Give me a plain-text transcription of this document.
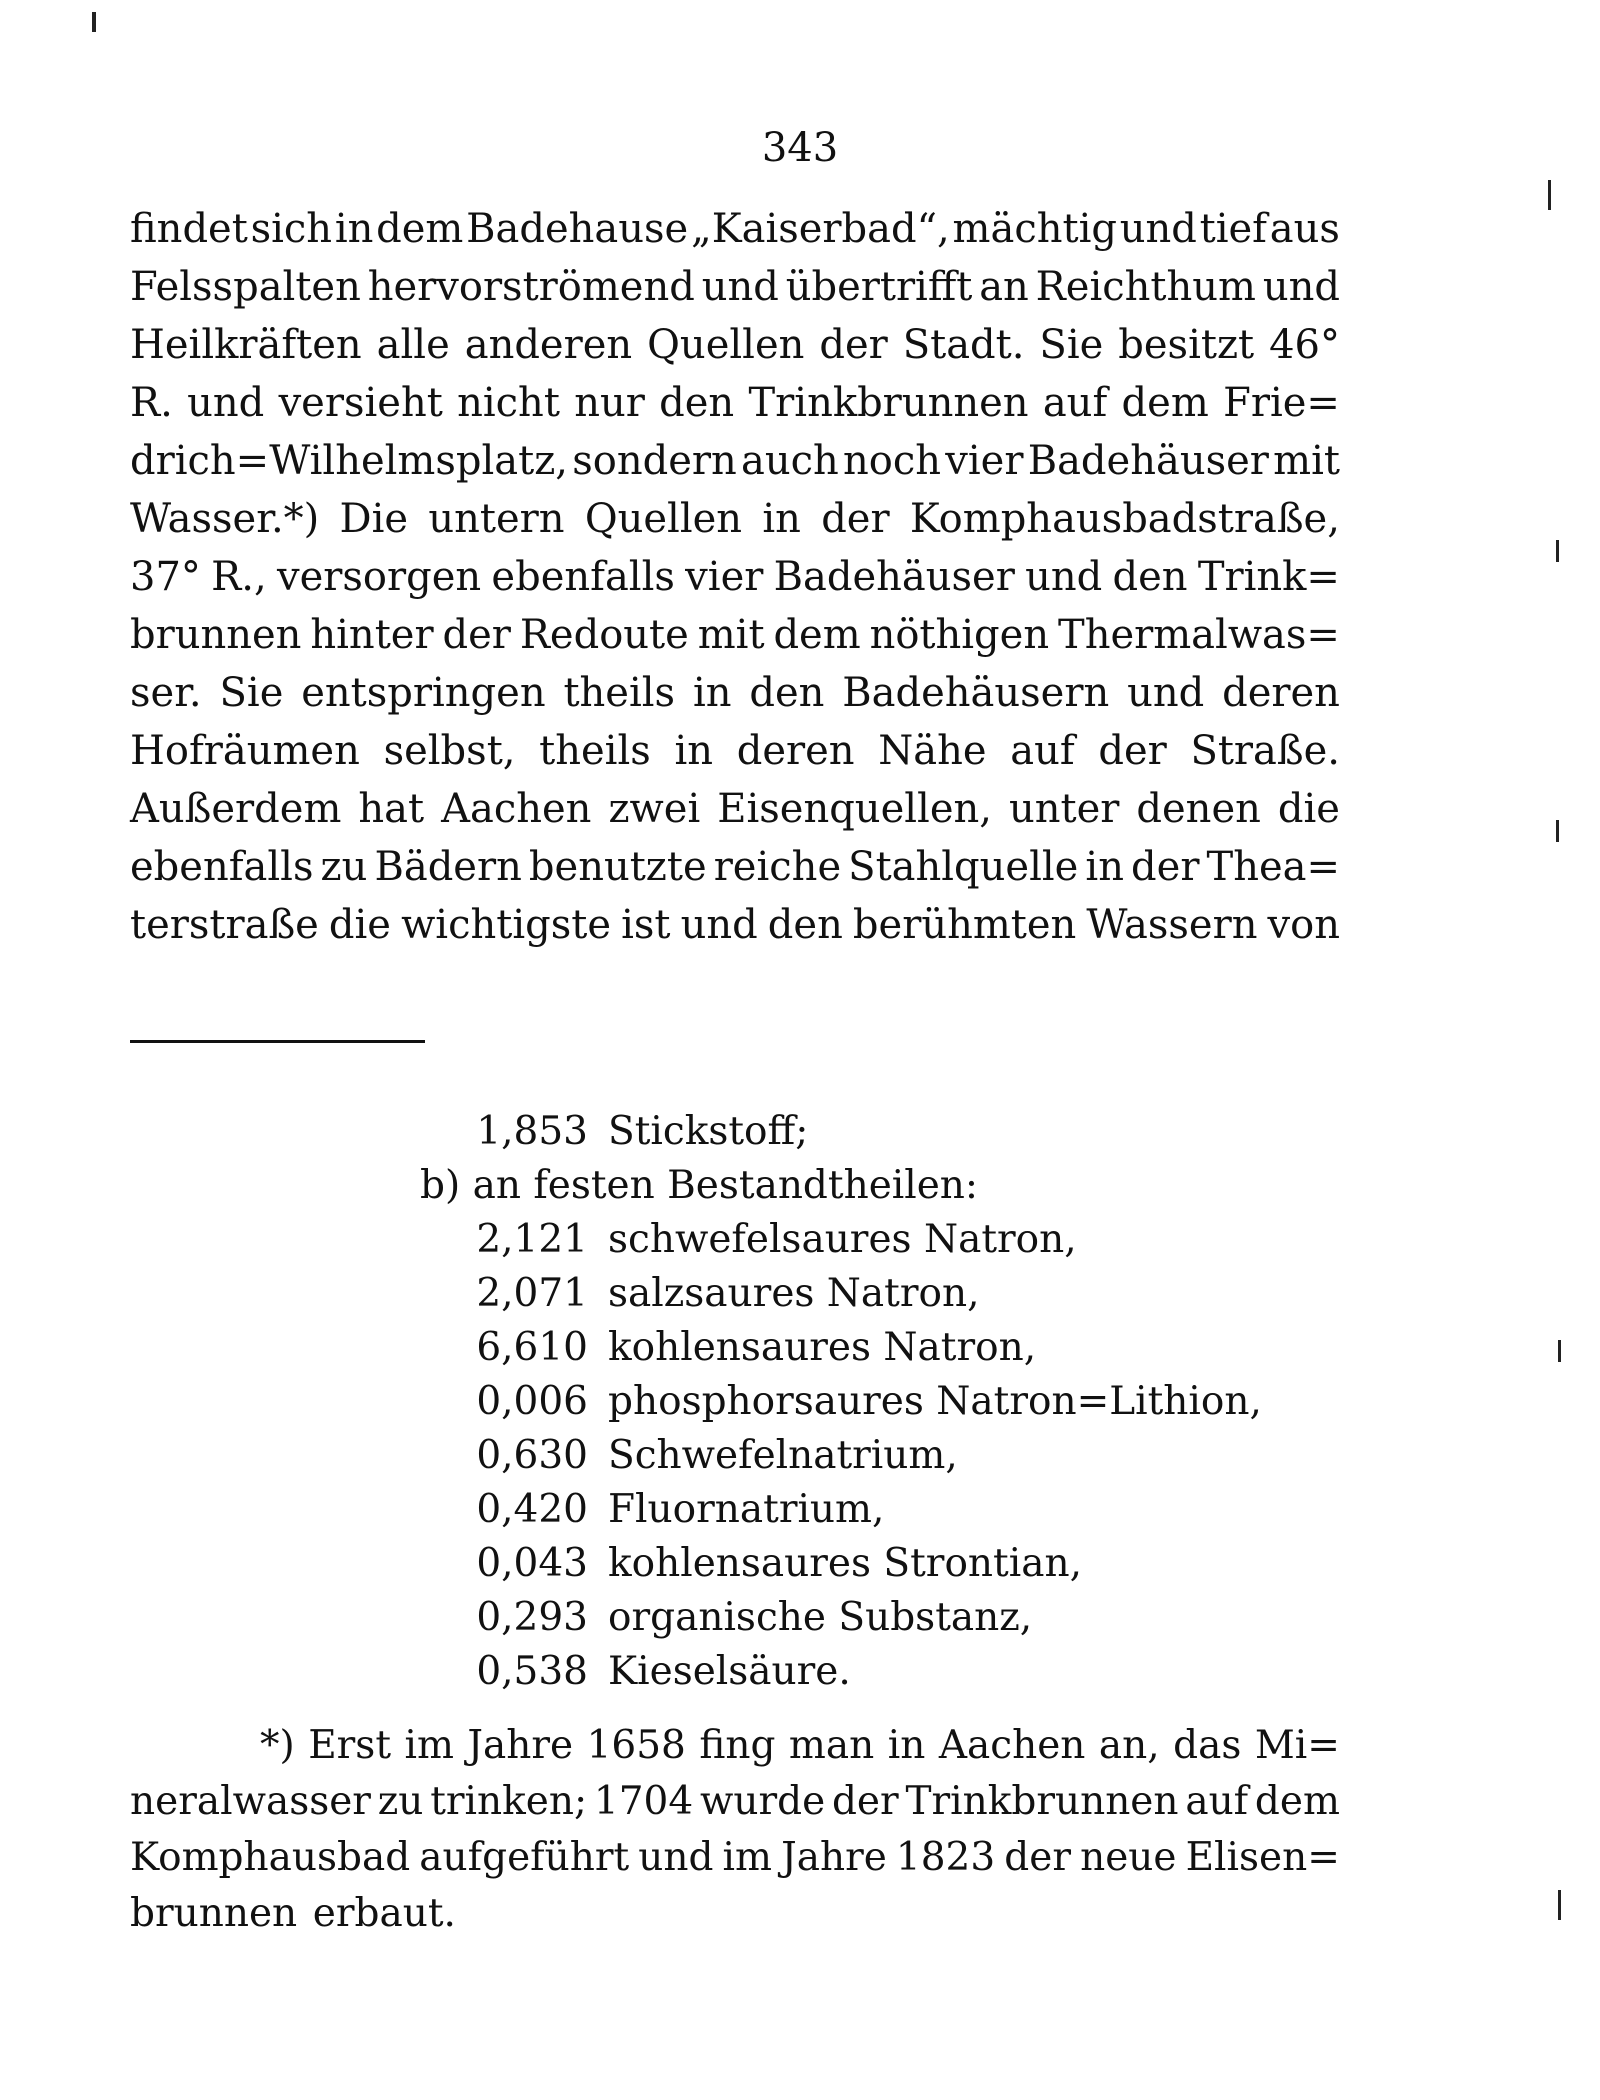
343
findet sich in dem Badehause „Kaiserbad“, mächtig und tief aus
Felsspalten hervorströmend und übertrifft an Reichthum und
Heilkräften alle anderen Quellen der Stadt. Sie besitzt 46°
R. und versieht nicht nur den Trinkbrunnen auf dem Frie=
drich=Wilhelmsplatz, sondern auch noch vier Badehäuser mit
Wasser.*) Die untern Quellen in der Komphausbadstraße,
37° R., versorgen ebenfalls vier Badehäuser und den Trink=
brunnen hinter der Redoute mit dem nöthigen Thermalwas=
ser. Sie entspringen theils in den Badehäusern und deren
Hofräumen selbst, theils in deren Nähe auf der Straße.
Außerdem hat Aachen zwei Eisenquellen, unter denen die
ebenfalls zu Bädern benutzte reiche Stahlquelle in der Thea=
terstraße die wichtigste ist und den berühmten Wassern von
1,853 Stickstoff;
b) an festen Bestandtheilen:
2,121 schwefelsaures Natron,
2,071 salzsaures Natron,
6,610 kohlensaures Natron,
0,006 phosphorsaures Natron=Lithion,
0,630 Schwefelnatrium,
0,420 Fluornatrium,
0,043 kohlensaures Strontian,
0,293 organische Substanz,
0,538 Kieselsäure.
*) Erst im Jahre 1658 fing man in Aachen an, das Mi=
neralwasser zu trinken; 1704 wurde der Trinkbrunnen auf dem
Komphausbad aufgeführt und im Jahre 1823 der neue Elisen=
brunnen erbaut.
